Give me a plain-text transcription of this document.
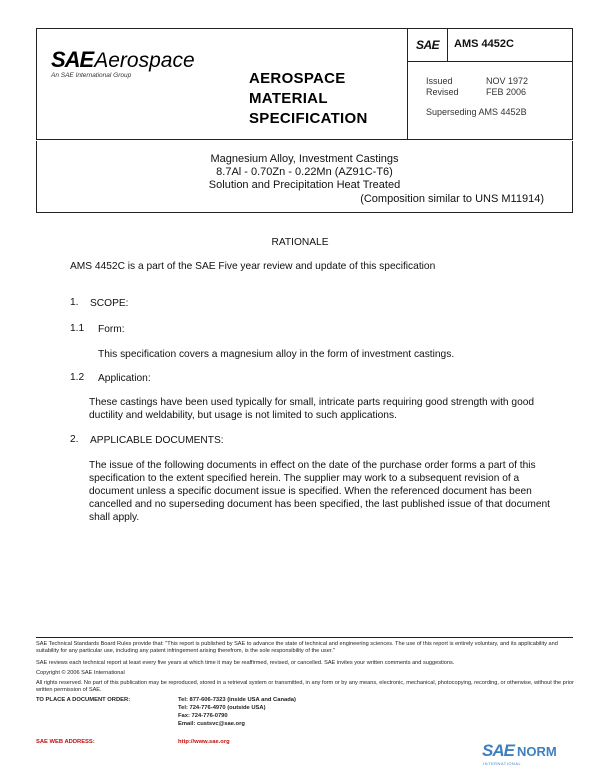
SAE Aerospace
An SAE International Group	AEROSPACE
MATERIAL
SPECIFICATION
SAE AMS 4452C
Issued	NOV 1972
Revised	FEB 2006
Superseding AMS 4452B
Magnesium Alloy, Investment Castings
8.7Al - 0.70Zn - 0.22Mn (AZ91C-T6)
Solution and Precipitation Heat Treated
(Composition similar to UNS M11914)
RATIONALE
AMS 4452C is a part of the SAE Five year review and update of this specification
1. SCOPE:
1.1 Form:
This specification covers a magnesium alloy in the form of investment castings.
1.2 Application:
These castings have been used typically for small, intricate parts requiring good strength with good ductility and weldability, but usage is not limited to such applications.
2. APPLICABLE DOCUMENTS:
The issue of the following documents in effect on the date of the purchase order forms a part of this specification to the extent specified herein. The supplier may work to a subsequent revision of a document unless a specific document issue is specified. When the referenced document has been cancelled and no superseding document has been specified, the last published issue of that document shall apply.
SAE Technical Standards Board Rules provide that: "This report is published by SAE to advance the state of technical and engineering sciences. The use of this report is entirely voluntary, and its applicability and suitability for any particular use, including any patent infringement arising therefrom, is the sole responsibility of the user."
SAE reviews each technical report at least every five years at which time it may be reaffirmed, revised, or cancelled. SAE invites your written comments and suggestions.
Copyright © 2006 SAE International
All rights reserved. No part of this publication may be reproduced, stored in a retrieval system or transmitted, in any form or by any means, electronic, mechanical, photocopying, recording, or otherwise, without the prior written permission of SAE.
TO PLACE A DOCUMENT ORDER:	Tel: 877-606-7323 (inside USA and Canada)
Tel: 724-776-4970 (outside USA)
Fax: 724-776-0790
Email: custsvc@sae.org
SAE WEB ADDRESS:	http://www.sae.org	SAE NORM
INTERNATIONAL
